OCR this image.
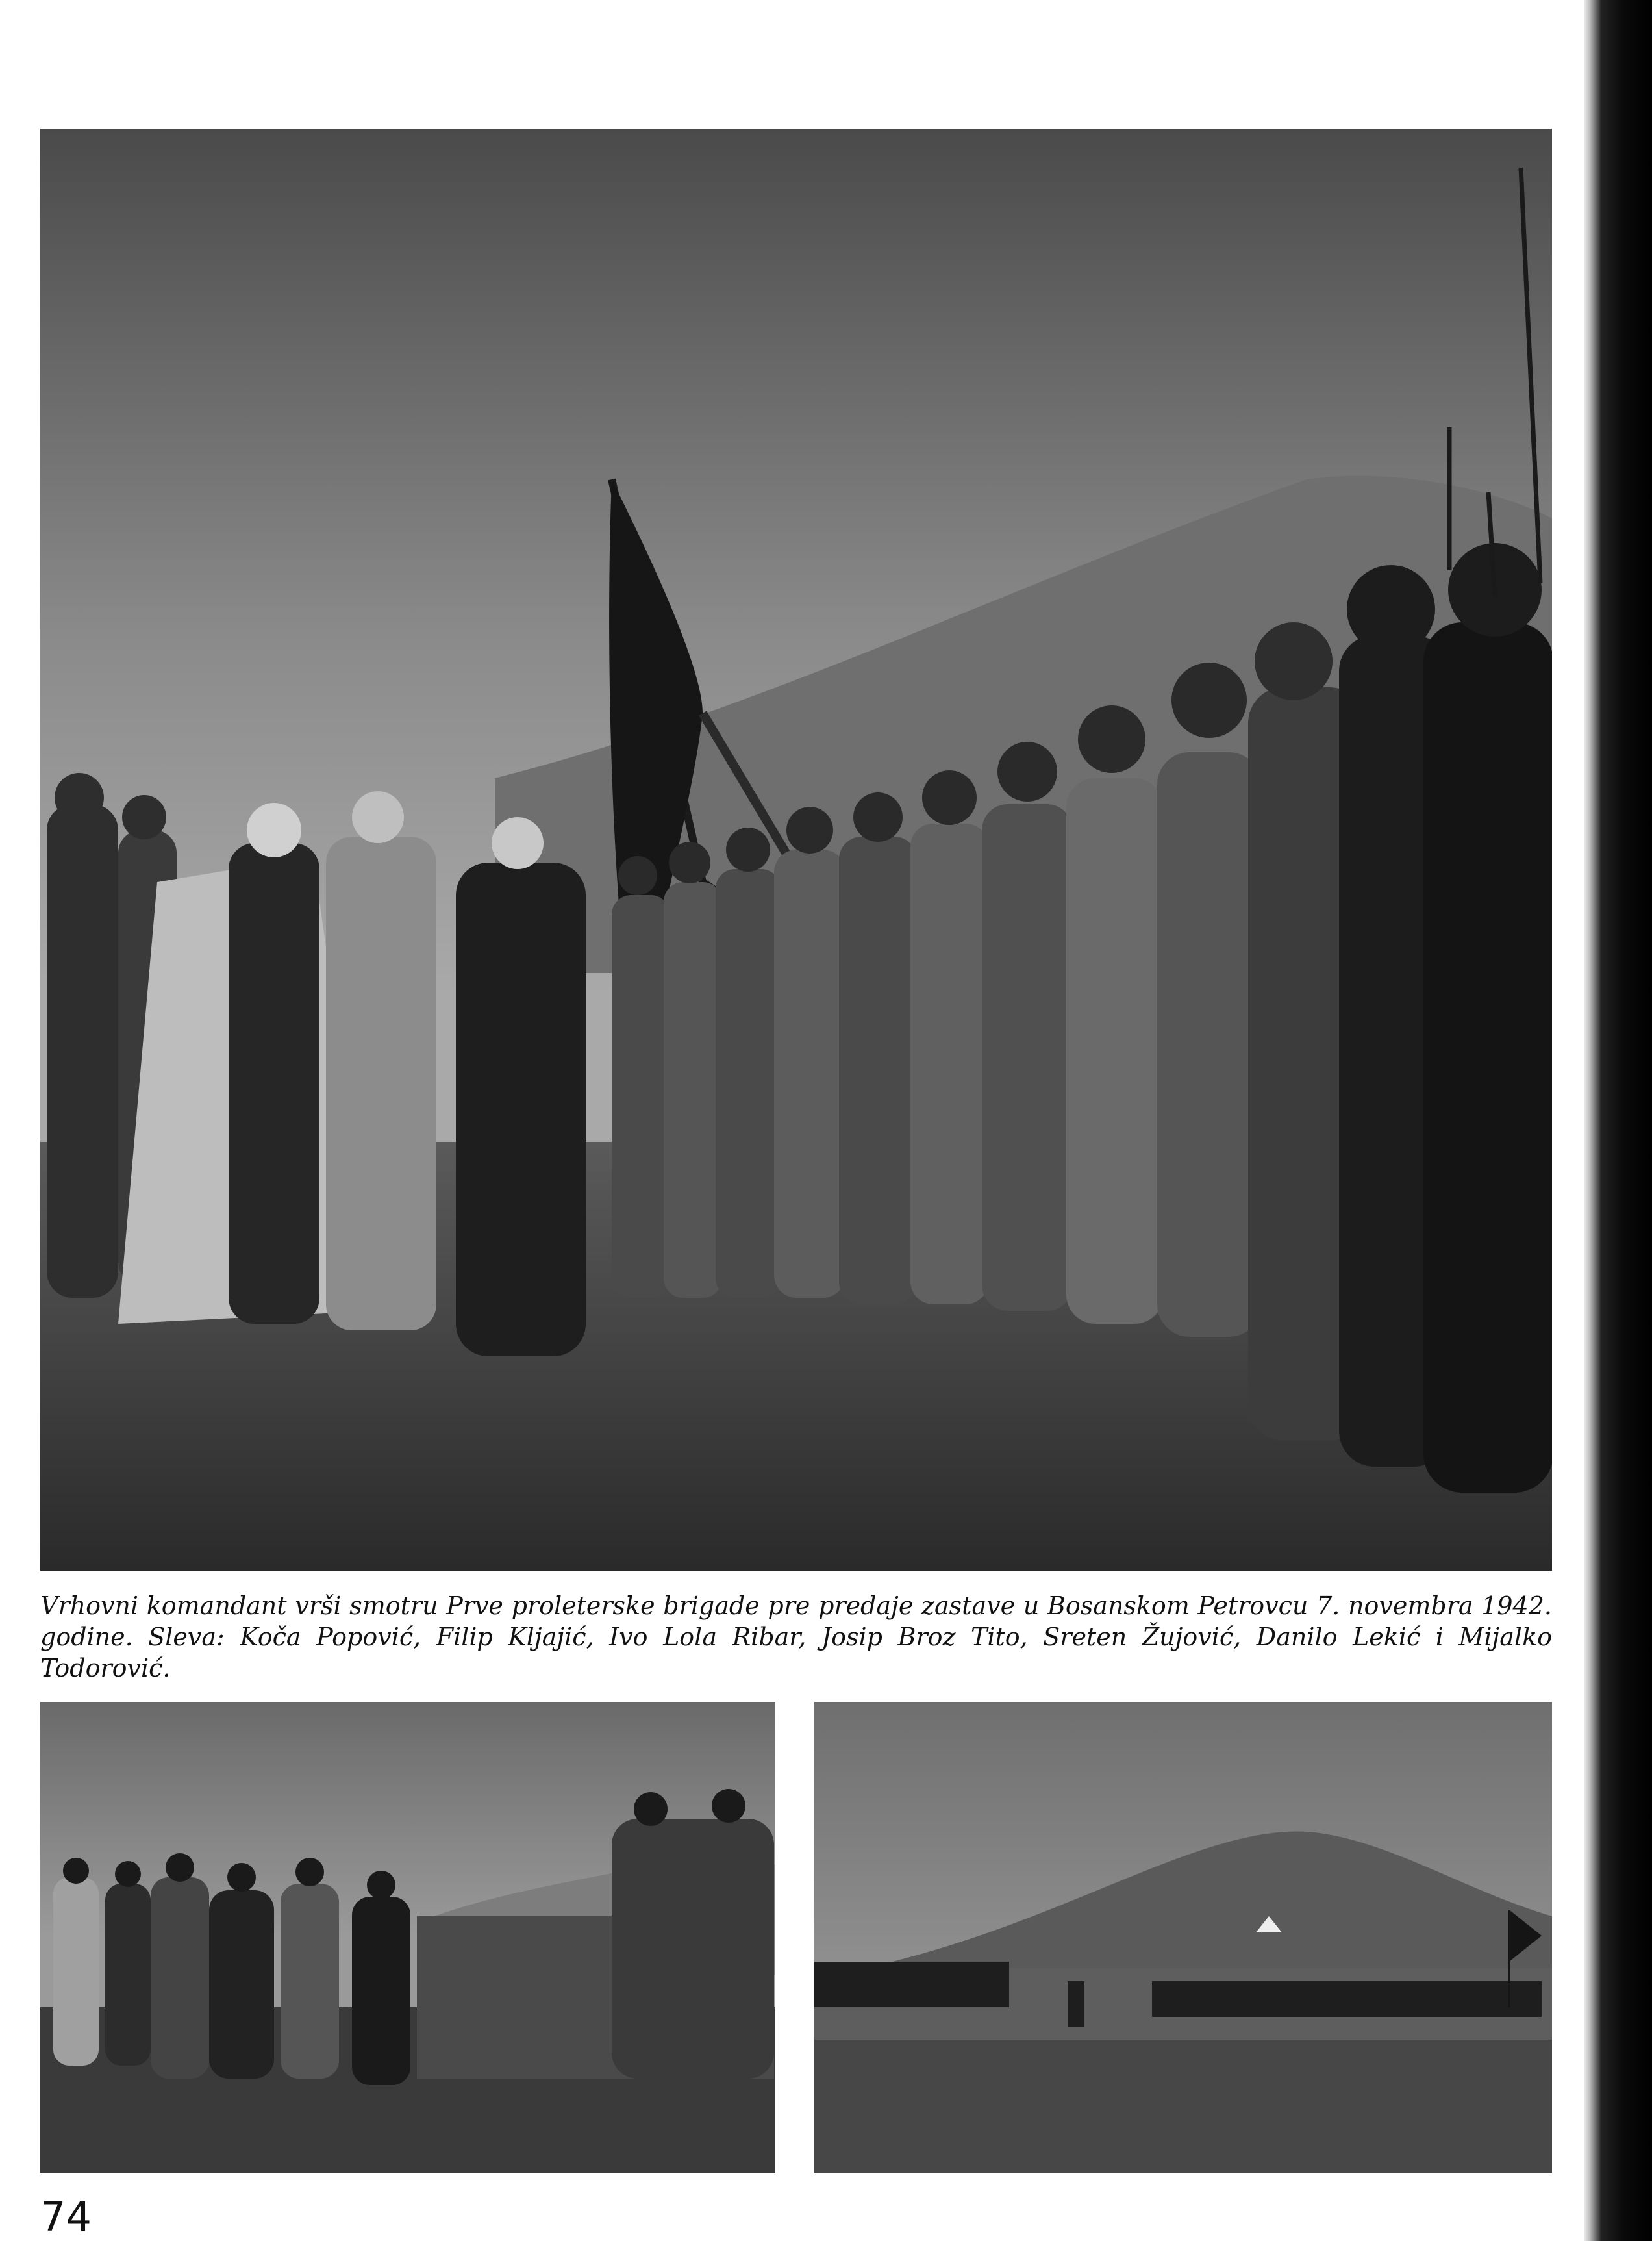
Vrhovni komandant vrši smotru Prve proleterske brigade pre predaje zastave u Bosanskom Petrovcu 7. novembra 1942. godine. Sleva: Koča Popović, Filip Kljajić, Ivo Lola Ribar, Josip Broz Tito, Sreten Žujović, Danilo Lekić i Mijalko Todorović.

74
